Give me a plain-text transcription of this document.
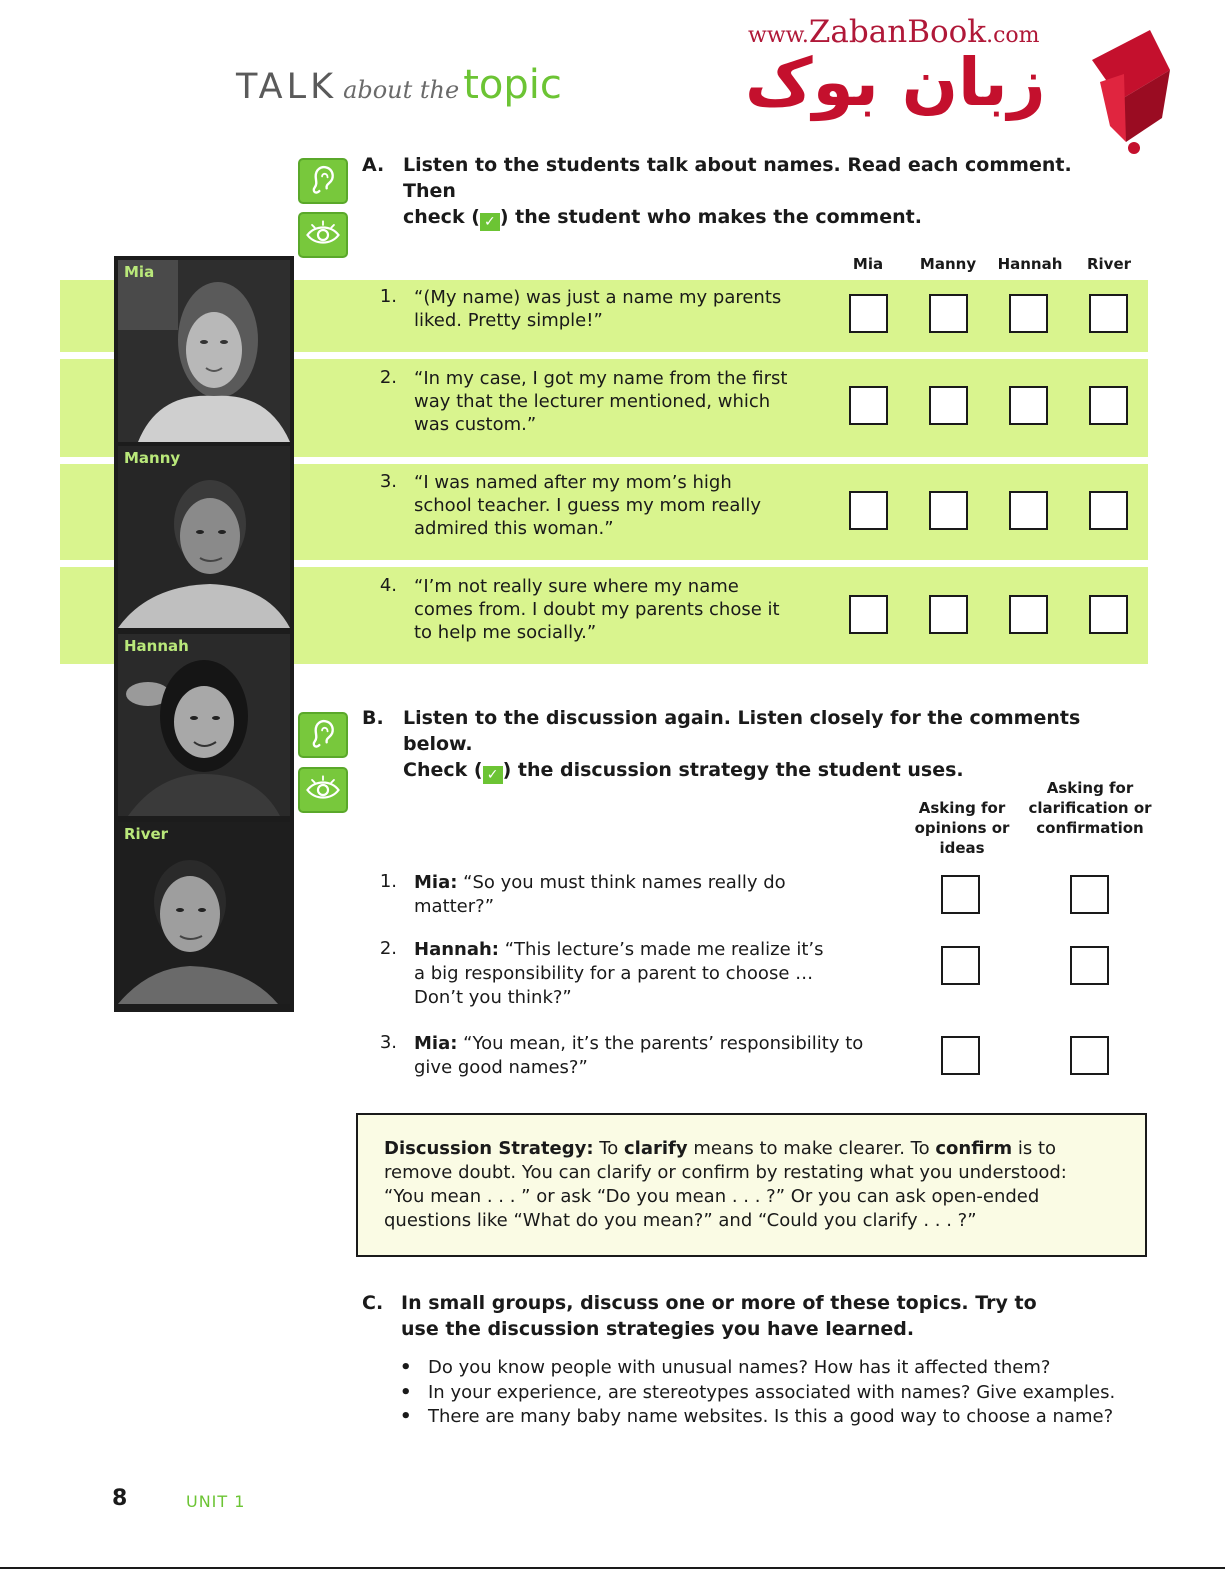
TALK about the topic
www.ZabanBook.com
زبان بوک
A. Listen to the students talk about names. Read each comment. Then
check ( ✓ ) the student who makes the comment.
Mia
Manny
Hannah
River
Mia	Manny	Hannah	River
1. “(My name) was just a name my parents liked. Pretty simple!”
2. “In my case, I got my name from the first way that the lecturer mentioned, which was custom.”
3. “I was named after my mom’s high school teacher. I guess my mom really admired this woman.”
4. “I’m not really sure where my name comes from. I doubt my parents chose it to help me socially.”
B. Listen to the discussion again. Listen closely for the comments below.
Check ( ✓ ) the discussion strategy the student uses.
Asking for opinions or ideas
Asking for clarification or confirmation
1. Mia: “So you must think names really do matter?”
2. Hannah: “This lecture’s made me realize it’s a big responsibility for a parent to choose … Don’t you think?”
3. Mia: “You mean, it’s the parents’ responsibility to give good names?”
Discussion Strategy: To clarify means to make clearer. To confirm is to remove doubt. You can clarify or confirm by restating what you understood: “You mean . . . ” or ask “Do you mean . . . ?” Or you can ask open-ended questions like “What do you mean?” and “Could you clarify . . . ?”
C. In small groups, discuss one or more of these topics. Try to use the discussion strategies you have learned.
• Do you know people with unusual names? How has it affected them?
• In your experience, are stereotypes associated with names? Give examples.
• There are many baby name websites. Is this a good way to choose a name?
8	UNIT 1
